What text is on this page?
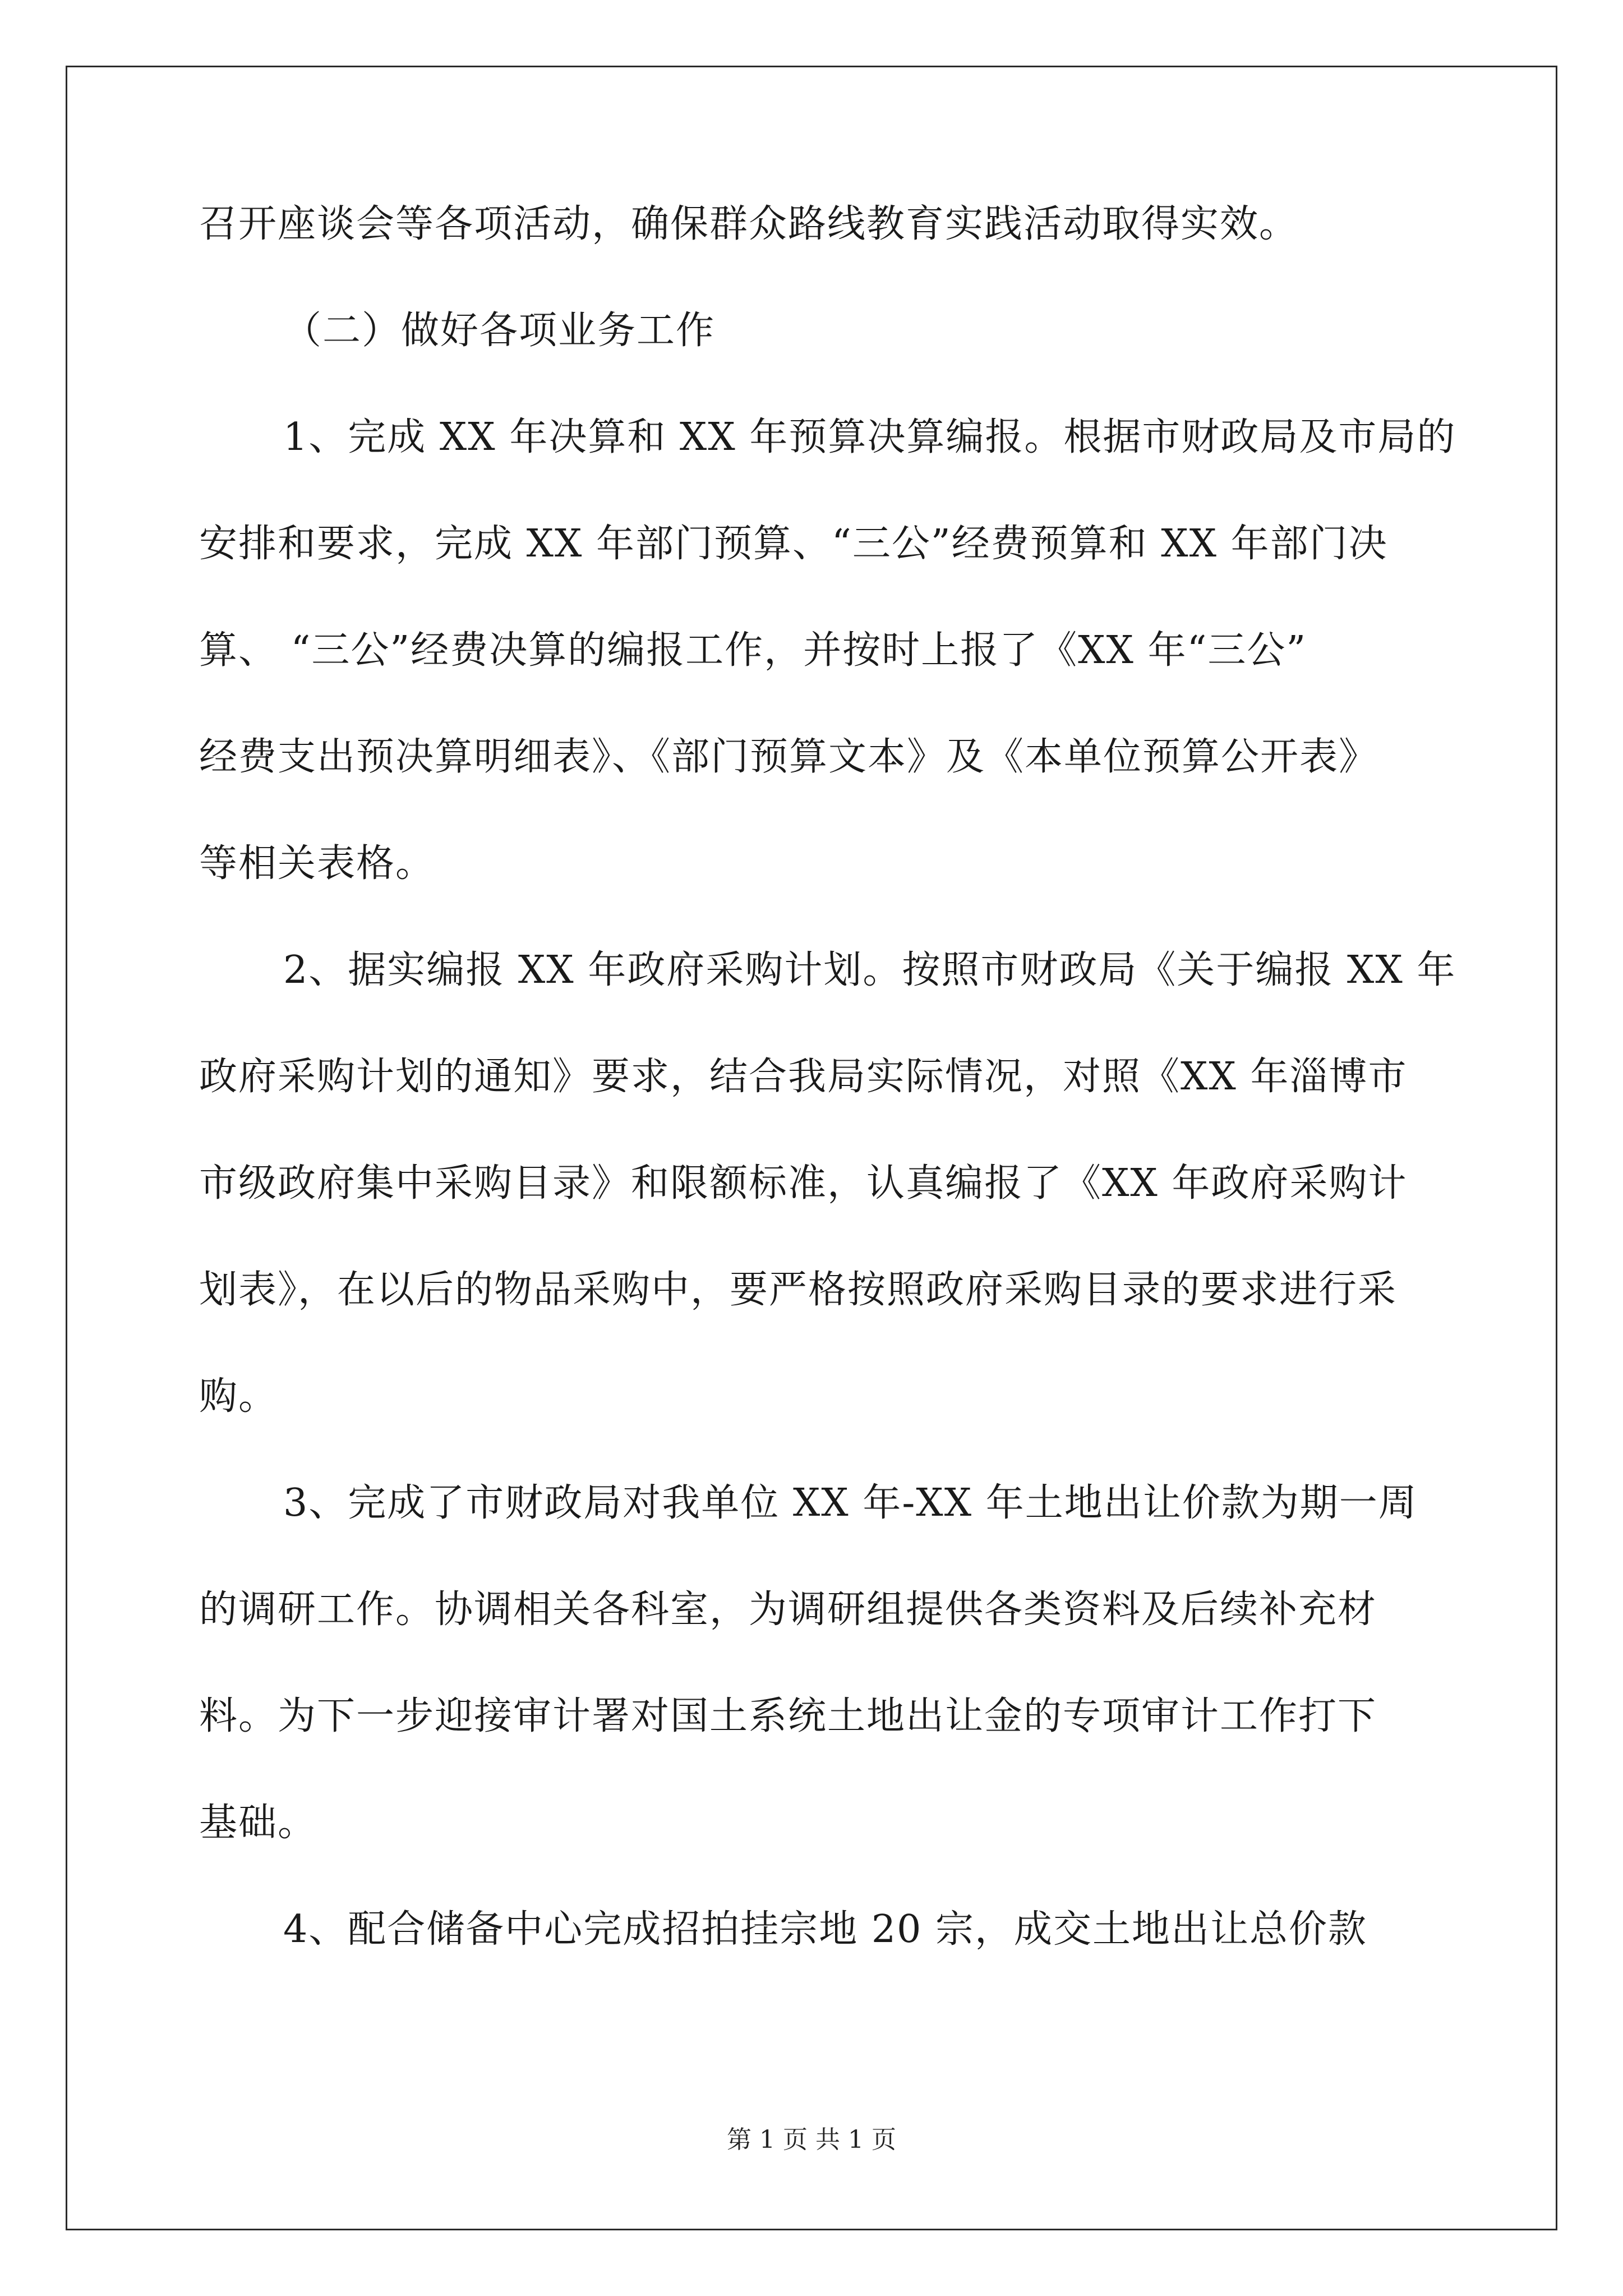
召开座谈会等各项活动，确保群众路线教育实践活动取得实效。
（二）做好各项业务工作
1、完成 XX 年决算和 XX 年预算决算编报。根据市财政局及市局的
安排和要求，完成 XX 年部门预算、“三公”经费预算和 XX 年部门决
算、 “三公”经费决算的编报工作，并按时上报了《XX 年“三公”
经费支出预决算明细表》、《部门预算文本》及《本单位预算公开表》
等相关表格。
2、据实编报 XX 年政府采购计划。按照市财政局《关于编报 XX 年
政府采购计划的通知》要求，结合我局实际情况，对照《XX 年淄博市
市级政府集中采购目录》和限额标准，认真编报了《XX 年政府采购计
划表》，在以后的物品采购中，要严格按照政府采购目录的要求进行采
购。
3、完成了市财政局对我单位 XX 年-XX 年土地出让价款为期一周
的调研工作。协调相关各科室，为调研组提供各类资料及后续补充材
料。为下一步迎接审计署对国土系统土地出让金的专项审计工作打下
基础。
4、配合储备中心完成招拍挂宗地 20 宗，成交土地出让总价款
第 1 页 共 1 页
